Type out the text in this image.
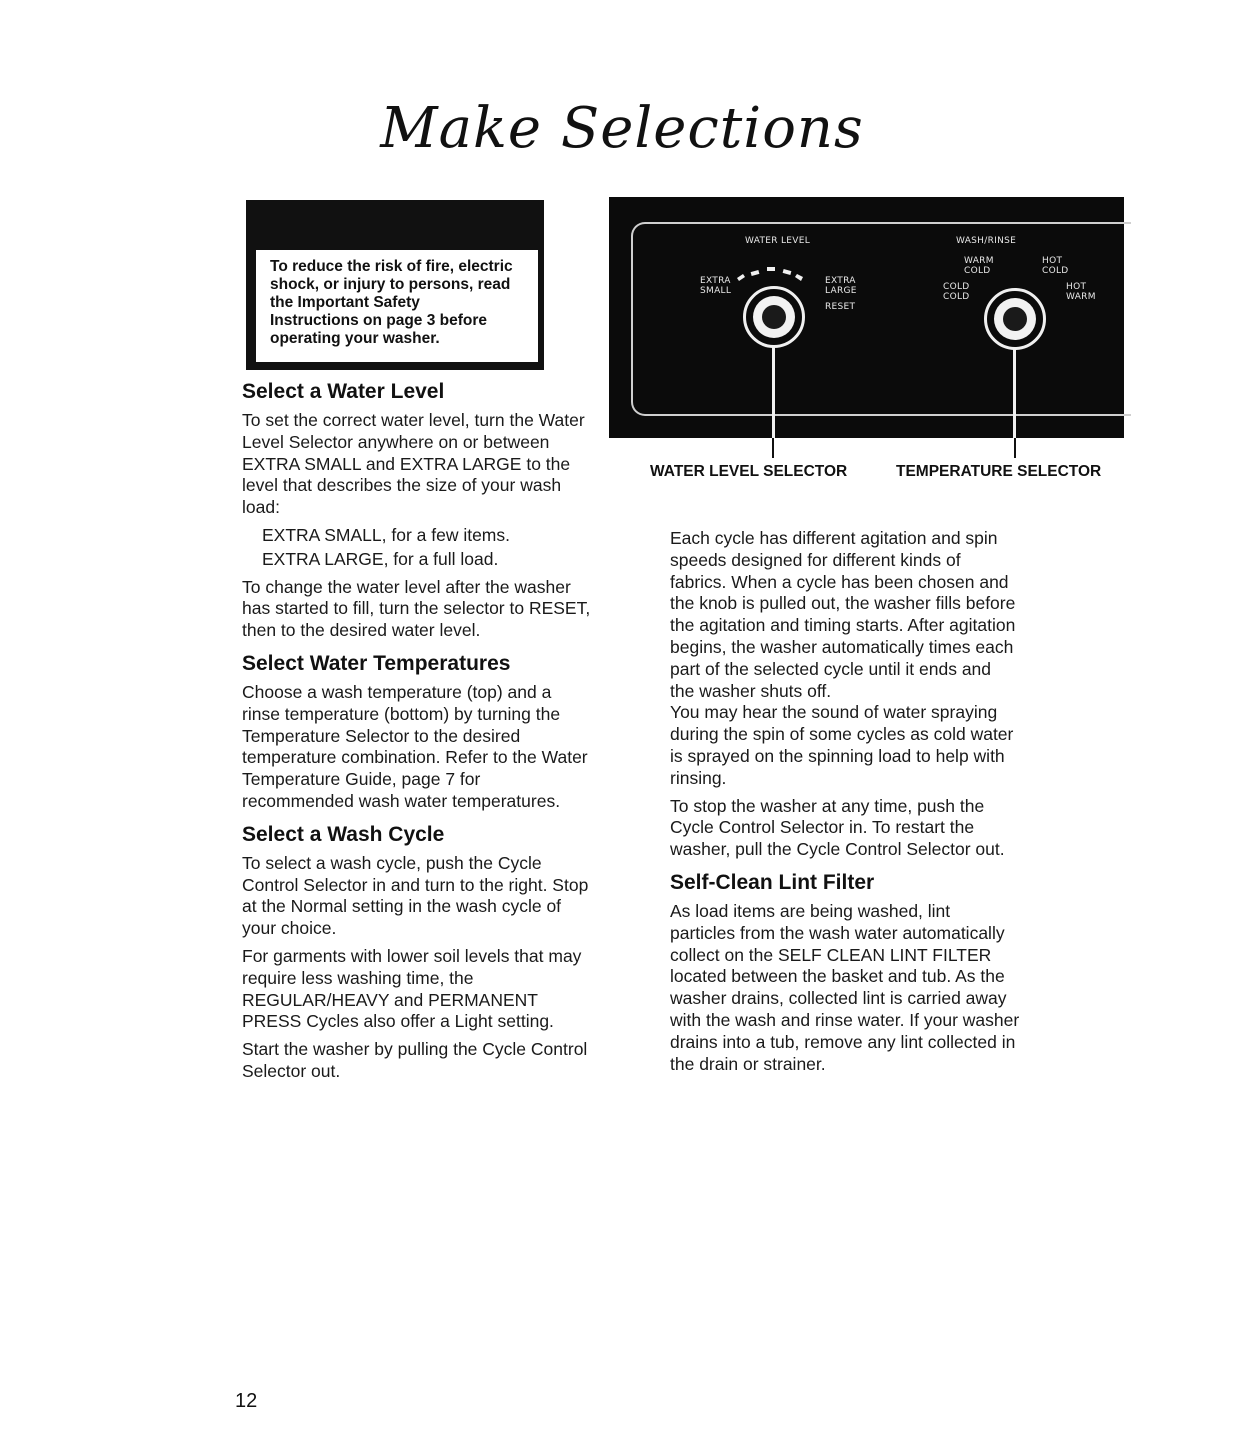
Make Selections
To reduce the risk of fire, electric
shock, or injury to persons, read
the Important Safety
Instructions on page 3 before
operating your washer.
Select a Water Level

To set the correct water level, turn the Water Level Selector anywhere on or between EXTRA SMALL and EXTRA LARGE to the level that describes the size of your wash load:

EXTRA SMALL, for a few items.

EXTRA LARGE, for a full load.

To change the water level after the washer has started to fill, turn the selector to RESET, then to the desired water level.

Select Water Temperatures

Choose a wash temperature (top) and a rinse temperature (bottom) by turning the Temperature Selector to the desired temperature combination. Refer to the Water Temperature Guide, page 7 for recommended wash water temperatures.

Select a Wash Cycle

To select a wash cycle, push the Cycle Control Selector in and turn to the right. Stop at the Normal setting in the wash cycle of your choice.

For garments with lower soil levels that may require less washing time, the REGULAR/HEAVY and PERMANENT PRESS Cycles also offer a Light setting.

Start the washer by pulling the Cycle Control Selector out.

WATER LEVEL
EXTRA
SMALL
EXTRA
LARGE
RESET
WASH/RINSE
WARM
COLD
HOT
COLD
COLD
COLD
HOT
WARM
WATER LEVEL SELECTOR	TEMPERATURE SELECTOR

Each cycle has different agitation and spin speeds designed for different kinds of fabrics. When a cycle has been chosen and the knob is pulled out, the washer fills before the agitation and timing starts. After agitation begins, the washer automatically times each part of the selected cycle until it ends and the washer shuts off.

You may hear the sound of water spraying during the spin of some cycles as cold water is sprayed on the spinning load to help with rinsing.

To stop the washer at any time, push the Cycle Control Selector in. To restart the washer, pull the Cycle Control Selector out.

Self-Clean Lint Filter

As load items are being washed, lint particles from the wash water automatically collect on the SELF CLEAN LINT FILTER located between the basket and tub. As the washer drains, collected lint is carried away with the wash and rinse water. If your washer drains into a tub, remove any lint collected in the drain or strainer.

12
